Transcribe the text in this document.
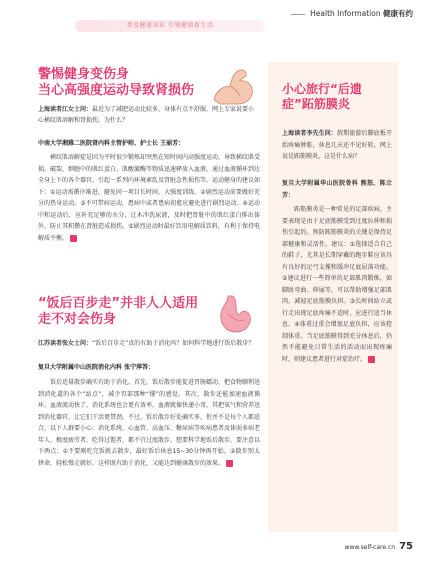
Health Information 健康有约
普及健康知识 引领健康新生活
警惕健身变伤身
当心高强度运动导致肾损伤
上海读者江女士问：最近为了减肥运动比较多，身体有点不舒服，网上专家说要小心横纹肌溶解和肾损伤，为什么？
中南大学湘雅二医院肾内科主管护师、护士长 王丽芳：

横纹肌溶解症是因为平时很少锻炼却突然在短时间内高强度运动，导致横纹肌受损、破裂，细胞中的肌红蛋白、肌酸激酶等物质迅速释放入血液，通过血液循环到达全身上下的各个器官，引起一系列内环境紊乱及肾脏急性损伤等。运动健身的建议如下：①运动需循序渐进，避免同一项目长时间、大强度训练。②剧烈运动前要做好充分的热身运动。③不可带病运动，患病中或者患病初愈应避免进行剧烈运动。④运动中和运动后，应补充足够的水分，让木冲洗尿液，及时把肾脏中的肌红蛋白排出体外，防止其积攒在肾脏造成损伤。⑤剧烈运动时最好饮用电解质饮料，有利于保持电解质平衡。

“饭后百步走”并非人人适用
走不对会伤身
江苏读者张女士问：“饭后百步走”真的有助于消化吗？如何科学地进行饭后散步？
复旦大学附属中山医院消化内科 张宁萍答：

饭后适量散步确实有助于消化。首先，饭后散步能促进胃肠蠕动，把食物顺利送到消化道的各个“站点”，减少胃部那种“撑”的感觉。其次，散步还能加速血液循环，血液流动快了，消化系统也会更有效率，血液就像快递小哥，其把氧气和营养送到消化器官，让它们干活更带劲。不过，饭后散步好处确实多，但并不是每个人都适合，以下人群要小心：消化系统、心血管、高血压、糖尿病等疾病患者及体弱多病老年人、极度疲劳者、吃得过饱者，都不宜过度散步。想要科学地饭后散步，要注意以下两点：①不要刚吃完饭就去散步，最好饭后休息15~30分钟再开始。②散步别太拼命，轻松慢走就好。这样既有助于消化，又能达到健康散步的效果。

小心旅行“后遗
症”跖筋膜炎
上海读者李先生问：假期旅游后脚底板开始疼痛肿胀，休息几天还不见好转，网上说是跖筋膜炎，这是什么病？
复旦大学附属华山医院骨科 熊怒、陈立芳：

跖筋膜炎是一种常见的足部疾病，主要表现是由于足底筋膜受到过度拉伸和损伤引起的。预防跖筋膜炎的关键是保持足部健康和灵活性，建议：①选择适合自己的鞋子，尤其是长期穿戴的跑步鞋应该具有良好的足弓支撑和缓冲足底屈落功能。②建议进行一些简单的足部肌肉锻炼，如脚趾弯曲、伸展等，可以帮助增强足部肌肉，减轻足底筋膜负担。③长时间站立或行走出现足底疼痛不适时，应进行适当休息。④体重过重会增加足底负担，应该控制体重。当足底筋膜得到充分休息后，仍然不能避免日常生活的活动而出现疼痛时，则建议患者进行对症治疗。

www.self-care.cn 75
